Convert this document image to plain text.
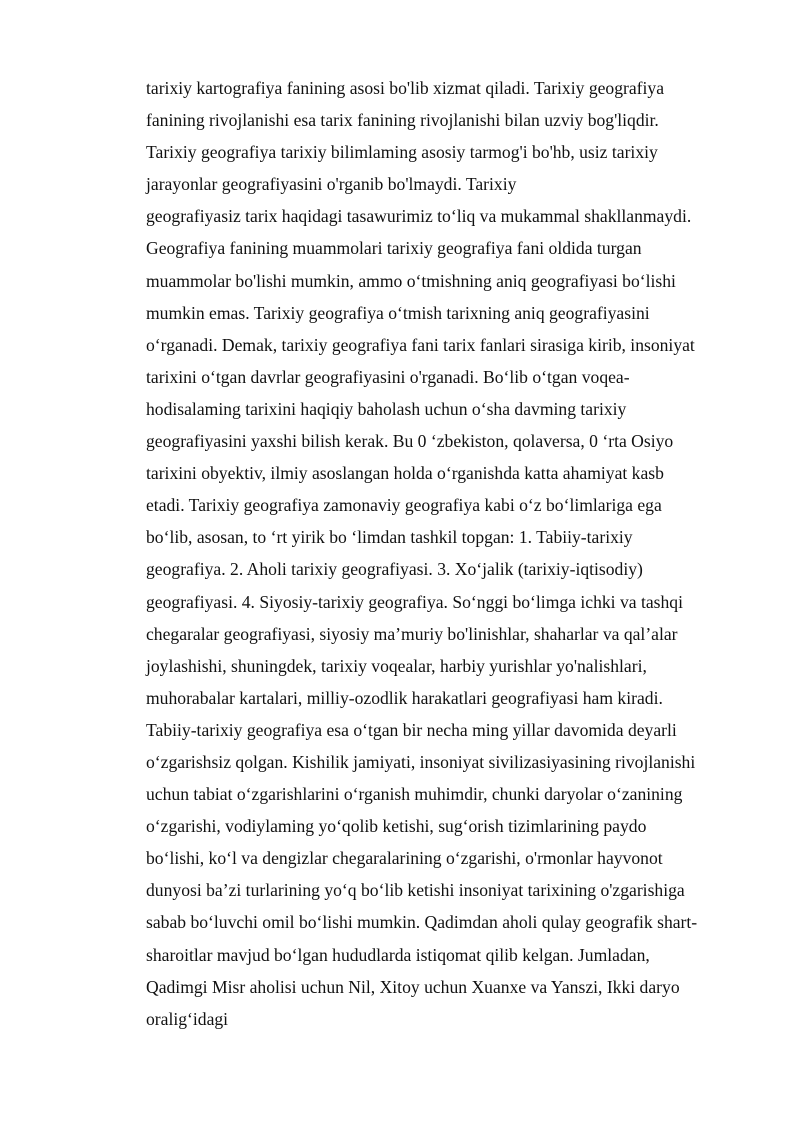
tarixiy kartografiya fanining asosi bo'lib xizmat qiladi. Tarixiy geografiya
fanining rivojlanishi esa tarix fanining rivojlanishi bilan uzviy bog'liqdir.
Tarixiy geografiya tarixiy bilimlaming asosiy tarmog'i bo'hb, usiz tarixiy
jarayonlar geografiyasini o'rganib bo'lmaydi. Tarixiy
geografiyasiz tarix haqidagi tasawurimiz to‘liq va mukammal shakllanmaydi.
Geografiya fanining muammolari tarixiy geografiya fani oldida turgan
muammolar bo'lishi mumkin, ammo o‘tmishning aniq geografiyasi bo‘lishi
mumkin emas. Tarixiy geografiya o‘tmish tarixning aniq geografiyasini
o‘rganadi. Demak, tarixiy geografiya fani tarix fanlari sirasiga kirib, insoniyat
tarixini o‘tgan davrlar geografiyasini o'rganadi. Bo‘lib o‘tgan voqea-
hodisalaming tarixini haqiqiy baholash uchun o‘sha davming tarixiy
geografiyasini yaxshi bilish kerak. Bu 0 ‘zbekiston, qolaversa, 0 ‘rta Osiyo
tarixini obyektiv, ilmiy asoslangan holda o‘rganishda katta ahamiyat kasb
etadi. Tarixiy geografiya zamonaviy geografiya kabi o‘z bo‘limlariga ega
bo‘lib, asosan, to ‘rt yirik bo ‘limdan tashkil topgan: 1. Tabiiy-tarixiy
geografiya. 2. Aholi tarixiy geografiyasi. 3. Xo‘jalik (tarixiy-iqtisodiy)
geografiyasi. 4. Siyosiy-tarixiy geografiya. So‘nggi bo‘limga ichki va tashqi
chegaralar geografiyasi, siyosiy ma’muriy bo'linishlar, shaharlar va qal’alar
joylashishi, shuningdek, tarixiy voqealar, harbiy yurishlar yo'nalishlari,
muhorabalar kartalari, milliy-ozodlik harakatlari geografiyasi ham kiradi.
Tabiiy-tarixiy geografiya esa o‘tgan bir necha ming yillar davomida deyarli
o‘zgarishsiz qolgan. Kishilik jamiyati, insoniyat sivilizasiyasining rivojlanishi
uchun tabiat o‘zgarishlarini o‘rganish muhimdir, chunki daryolar o‘zanining
o‘zgarishi, vodiylaming yo‘qolib ketishi, sug‘orish tizimlarining paydo
bo‘lishi, ko‘l va dengizlar chegaralarining o‘zgarishi, o'rmonlar hayvonot
dunyosi ba’zi turlarining yo‘q bo‘lib ketishi insoniyat tarixining o'zgarishiga
sabab bo‘luvchi omil bo‘lishi mumkin. Qadimdan aholi qulay geografik shart-
sharoitlar mavjud bo‘lgan hududlarda istiqomat qilib kelgan. Jumladan,
Qadimgi Misr aholisi uchun Nil, Xitoy uchun Xuanxe va Yanszi, Ikki daryo
oralig‘idagi
